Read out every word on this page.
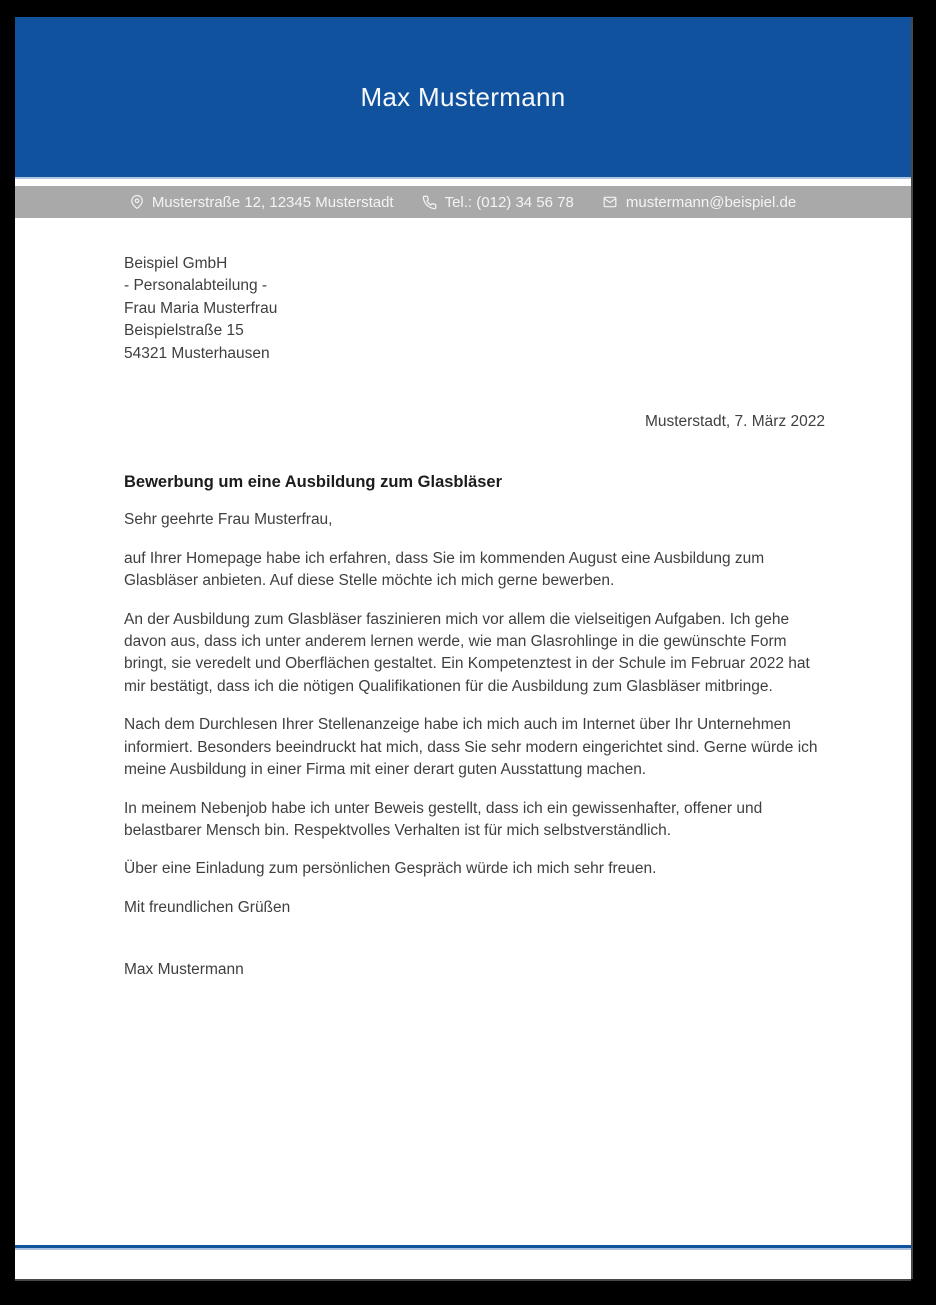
Max Mustermann
Musterstraße 12, 12345 Musterstadt	Tel.: (012) 34 56 78	mustermann@beispiel.de
Beispiel GmbH
- Personalabteilung -
Frau Maria Musterfrau
Beispielstraße 15
54321 Musterhausen
Musterstadt, 7. März 2022
Bewerbung um eine Ausbildung zum Glasbläser
Sehr geehrte Frau Musterfrau,

auf Ihrer Homepage habe ich erfahren, dass Sie im kommenden August eine Ausbildung zum Glasbläser anbieten. Auf diese Stelle möchte ich mich gerne bewerben.

An der Ausbildung zum Glasbläser faszinieren mich vor allem die vielseitigen Aufgaben. Ich gehe davon aus, dass ich unter anderem lernen werde, wie man Glasrohlinge in die gewünschte Form bringt, sie veredelt und Oberflächen gestaltet. Ein Kompetenztest in der Schule im Februar 2022 hat mir bestätigt, dass ich die nötigen Qualifikationen für die Ausbildung zum Glasbläser mitbringe.

Nach dem Durchlesen Ihrer Stellenanzeige habe ich mich auch im Internet über Ihr Unternehmen informiert. Besonders beeindruckt hat mich, dass Sie sehr modern eingerichtet sind. Gerne würde ich meine Ausbildung in einer Firma mit einer derart guten Ausstattung machen.

In meinem Nebenjob habe ich unter Beweis gestellt, dass ich ein gewissenhafter, offener und belastbarer Mensch bin. Respektvolles Verhalten ist für mich selbstverständlich.

Über eine Einladung zum persönlichen Gespräch würde ich mich sehr freuen.

Mit freundlichen Grüßen
Max Mustermann
